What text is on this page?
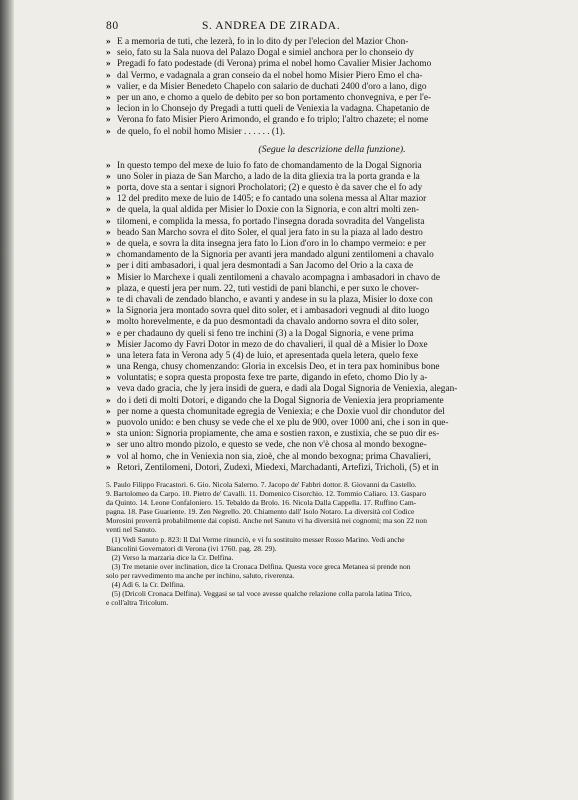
80	S. ANDREA DE ZIRADA.
» E a memoria de tuti, che lezerà, fo in lo dito dy per l'elecion del Mazior Chon-
» seio, fato su la Sala nuova del Palazo Dogal e simiel anchora per lo chonseio dy
» Pregadi fo fato podestade (di Verona) prima el nobel homo Cavalier Misier Jachomo
» dal Vermo, e vadagnala a gran conseio da el nobel homo Misier Piero Emo el cha-
» valier, e da Misier Benedeto Chapelo con salario de duchati 2400 d'oro a lano, digo
» per un ano, e chomo a quelo de debito per so bon portamento chonvegniva, e per l'e-
» lecion in lo Chonsejo dy Pregadi a tutti queli de Veniexia la vadagna. Chapetanio de
» Verona fo fato Misier Piero Arimondo, el grando e fo triplo; l'altro chazete; el nome
» de quelo, fo el nobil homo Misier . . . . . . (1).
(Segue la descrizione della funzione).
» In questo tempo del mexe de luio fo fato de chomandamento de la Dogal Signoria
» uno Soler in piaza de San Marcho, a lado de la dita gliexia tra la porta granda e la
» porta, dove sta a sentar i signori Procholatori; (2) e questo è da saver che el fo ady
» 12 del predito mexe de luio de 1405; e fo cantado una solena messa al Altar mazior
» de quela, la qual aldida per Misier lo Doxie con la Signoria, e con altri molti zen-
» tilomeni, e complida la messa, fo portado l'insegna dorada sovradita del Vangelista
» beado San Marcho sovra el dito Soler, el qual jera fato in su la piaza al lado destro
» de quela, e sovra la dita insegna jera fato lo Lion d'oro in lo champo vermeio: e per
» chomandamento de la Signoria per avanti jera mandado alguni zentilomeni a chavalo
» per i diti ambasadori, i qual jera desmontadi a San Jacomo del Orio a la caxa de
» Misier lo Marchexe i quali zentilomeni a chavalo acompagna i ambasadori in chavo de
» plaza, e questi jera per num. 22, tuti vestidi de pani blanchi, e per suxo le chover-
» te di chavali de zendado blancho, e avanti y andese in su la plaza, Misier lo doxe con
» la Signoria jera montado sovra quel dito soler, et i ambasadori vegnudi al dito luogo
» molto horevelmente, e da puo desmontadi da chavalo andorno sovra el dito soler,
» e per chadauno dy queli si feno tre inchini (3) a la Dogal Signoria, e vene prima
» Misier Jacomo dy Favri Dotor in mezo de do chavalieri, il qual dè a Misier lo Doxe
» una letera fata in Verona ady 5 (4) de luio, et apresentada quela letera, quelo fexe
» una Renga, chusy chomenzando: Gloria in excelsis Deo, et in tera pax hominibus bone
» voluntatis; e sopra questa proposta fexe tre parte, digando in efeto, chomo Dio ly a-
» veva dado gracia, che ly jera insidi de guera, e dadi ala Dogal Signoria de Veniexia, alegan-
» do i deti di molti Dotori, e digando che la Dogal Signoria de Veniexia jera propriamente
» per nome a questa chomunitade egregia de Veniexia; e che Doxie vuol dir chondutor del
» puovolo unido: e ben chusy se vede che el xe plu de 900, over 1000 ani, che i son in que-
» sta union: Signoria propiamente, che ama e sostien raxon, e zustixia, che se puo dir es-
» ser uno altro mondo pizolo, e questo se vede, che non v'è chosa al mondo bexogne-
» vol al homo, che in Veniexia non sia, zioè, che al mondo bexogna; prima Chavalieri,
» Retori, Zentilomeni, Dotori, Zudexi, Miedexi, Marchadanti, Artefizi, Tricholi, (5) et in
5. Paulo Filippo Fracastori. 6. Gio. Nicola Salerno. 7. Jacopo de' Fabbri dottor. 8. Giovanni da Castello.
9. Bartolomeo da Carpo. 10. Pietro de' Cavalli. 11. Domenico Cisorchio. 12. Tommio Caliaro. 13. Gasparo
da Quinto. 14. Leone Confaloniero. 15. Tebaldo da Brolo. 16. Nicola Dalla Cappella. 17. Ruffino Cam-
pagna. 18. Pase Guariente. 19. Zen Negrello. 20. Chiamento dall' Isolo Notaro. La diversità col Codice
Morosini proverrà probabilmente dai copisti. Anche nel Sanuto vi ha diversità nei cognomi; ma son 22 non
venti nel Sanuto.
(1) Vedi Sanuto p. 823: Il Dal Verme rinunciò, e vi fu sostituito messer Rosso Marino. Vedi anche
Biancolini Governatori di Verona (ivi 1760. pag. 28. 29).
(2) Verso la marzaria dice la Cr. Delfina.
(3) Tre metanie over inclination, dice la Cronaca Delfina. Questa voce greca Metanea si prende non
solo per ravvedimento ma anche per inchino, saluto, riverenza.
(4) Adì 6. la Cr. Delfina.
(5) (Dricoli Cronaca Delfina). Veggasi se tal voce avesse qualche relazione colla parola latina Trico,
e coll'altra Tricolum.
